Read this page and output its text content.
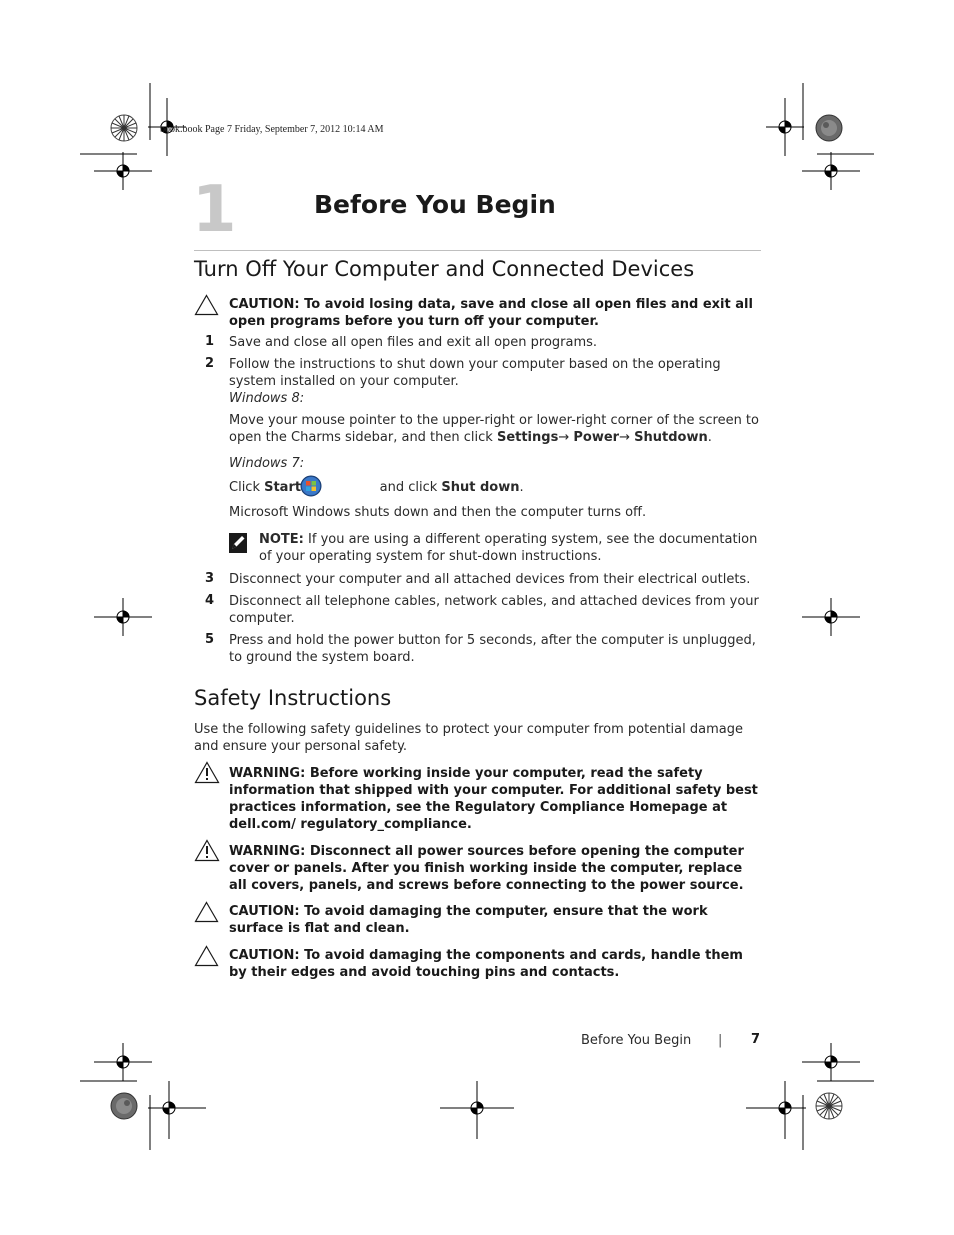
book.book Page 7 Friday, September 7, 2012 10:14 AM
1	Before You Begin
Turn Off Your Computer and Connected Devices
CAUTION: To avoid losing data, save and close all open files and exit all open programs before you turn off your computer.
1 Save and close all open files and exit all open programs.
2 Follow the instructions to shut down your computer based on the operating system installed on your computer.
Windows 8:
Move your mouse pointer to the upper-right or lower-right corner of the screen to open the Charms sidebar, and then click Settings→ Power→ Shutdown.
Windows 7:
Click Start	and click Shut down.
Microsoft Windows shuts down and then the computer turns off.
NOTE: If you are using a different operating system, see the documentation of your operating system for shut-down instructions.
3 Disconnect your computer and all attached devices from their electrical outlets.
4 Disconnect all telephone cables, network cables, and attached devices from your computer.
5 Press and hold the power button for 5 seconds, after the computer is unplugged, to ground the system board.
Safety Instructions
Use the following safety guidelines to protect your computer from potential damage and ensure your personal safety.
WARNING: Before working inside your computer, read the safety information that shipped with your computer. For additional safety best practices information, see the Regulatory Compliance Homepage at dell.com/ regulatory_compliance.
WARNING: Disconnect all power sources before opening the computer cover or panels. After you finish working inside the computer, replace all covers, panels, and screws before connecting to the power source.
CAUTION: To avoid damaging the computer, ensure that the work surface is flat and clean.
CAUTION: To avoid damaging the components and cards, handle them by their edges and avoid touching pins and contacts.
Before You Begin | 7
